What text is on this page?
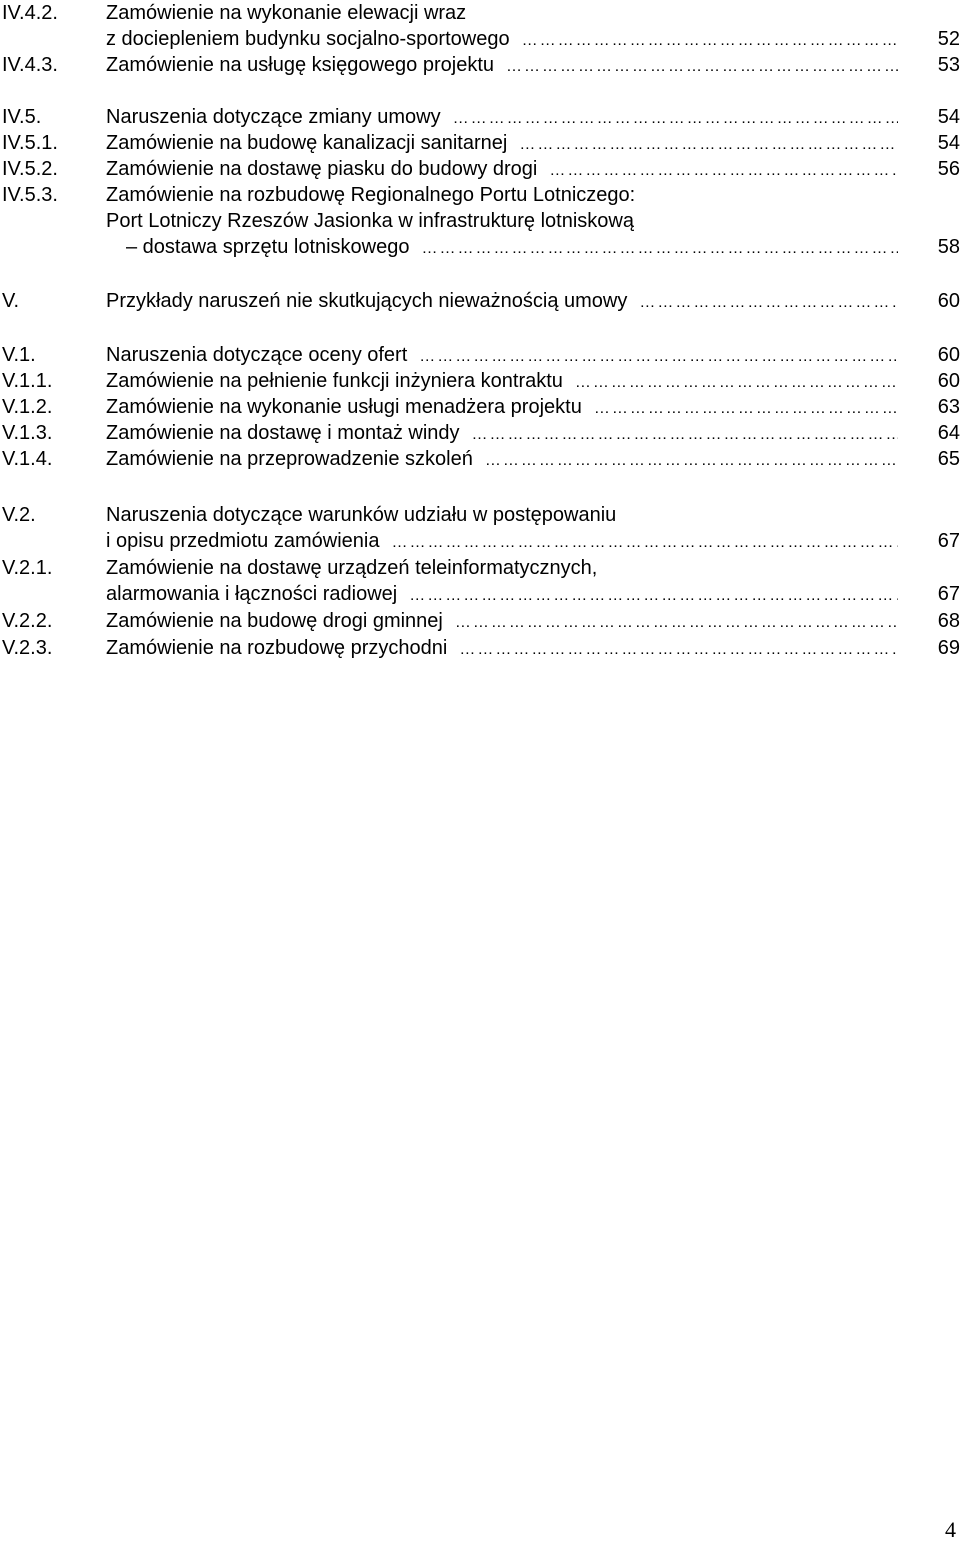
IV.4.2. Zamówienie na wykonanie elewacji wraz
z dociepleniem budynku socjalno-sportowego …………………………………………………………………………………………………………	52
IV.4.3. Zamówienie na usługę księgowego projektu …………………………………………………………………………………………………………	53
IV.5.	Naruszenia dotyczące zmiany umowy …………………………………………………………………………………………………………	54
IV.5.1. Zamówienie na budowę kanalizacji sanitarnej …………………………………………………………………………………………………………	54
IV.5.2. Zamówienie na dostawę piasku do budowy drogi …………………………………………………………………………………………………………	56
IV.5.3. Zamówienie na rozbudowę Regionalnego Portu Lotniczego:
Port Lotniczy Rzeszów Jasionka w infrastrukturę lotniskową
– dostawa sprzętu lotniskowego …………………………………………………………………………………………………………	58
V.	Przykłady naruszeń nie skutkujących nieważnością umowy …………………………………………………………………………………………………………	60
V.1.	Naruszenia dotyczące oceny ofert …………………………………………………………………………………………………………	60
V.1.1.	Zamówienie na pełnienie funkcji inżyniera kontraktu …………………………………………………………………………………………………………	60
V.1.2.	Zamówienie na wykonanie usługi menadżera projektu …………………………………………………………………………………………………………	63
V.1.3.	Zamówienie na dostawę i montaż windy …………………………………………………………………………………………………………	64
V.1.4.	Zamówienie na przeprowadzenie szkoleń …………………………………………………………………………………………………………	65
V.2.	Naruszenia dotyczące warunków udziału w postępowaniu
i opisu przedmiotu zamówienia …………………………………………………………………………………………………………	67
V.2.1.	Zamówienie na dostawę urządzeń teleinformatycznych,
alarmowania i łączności radiowej …………………………………………………………………………………………………………	67
V.2.2.	Zamówienie na budowę drogi gminnej …………………………………………………………………………………………………………	68
V.2.3.	Zamówienie na rozbudowę przychodni …………………………………………………………………………………………………………	69
4
